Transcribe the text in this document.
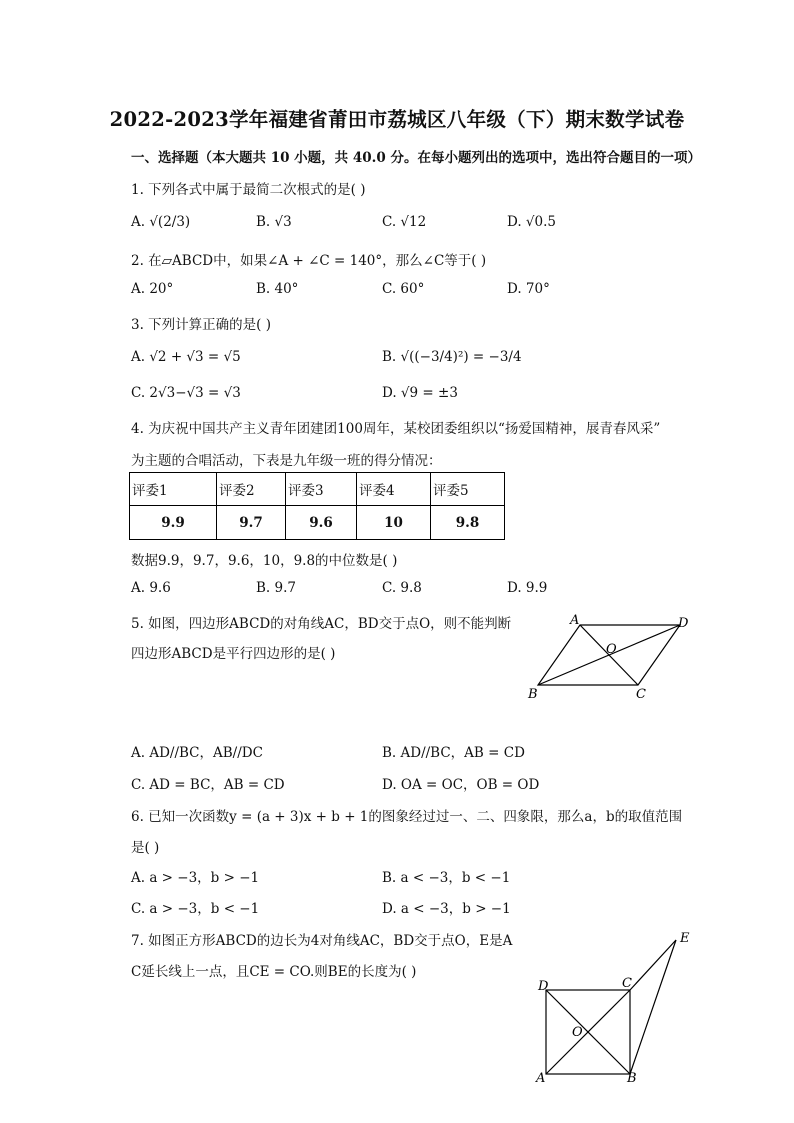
2022-2023学年福建省莆田市荔城区八年级（下）期末数学试卷
一、选择题（本大题共 10 小题，共 40.0 分。在每小题列出的选项中，选出符合题目的一项）
1. 下列各式中属于最简二次根式的是( )
A. √(2/3)	B. √3	C. √12	D. √0.5
2. 在▱ABCD中，如果∠A + ∠C = 140°，那么∠C等于( )
A. 20°	B. 40°	C. 60°	D. 70°
3. 下列计算正确的是( )
A. √2 + √3 = √5	B. √((−3/4)²) = −3/4
C. 2√3−√3 = √3	D. √9 = ±3
4. 为庆祝中国共产主义青年团建团100周年，某校团委组织以“扬爱国精神，展青春风采”
为主题的合唱活动，下表是九年级一班的得分情况：
评委1	评委2	评委3	评委4	评委5
9.9	9.7	9.6	10	9.8
数据9.9，9.7，9.6，10，9.8的中位数是( )
A. 9.6	B. 9.7	C. 9.8	D. 9.9
5. 如图，四边形ABCD的对角线AC，BD交于点O，则不能判断
四边形ABCD是平行四边形的是( )
A	D
B	C
O
A. AD//BC，AB//DC	B. AD//BC，AB = CD
C. AD = BC，AB = CD	D. OA = OC，OB = OD
6. 已知一次函数y = (a + 3)x + b + 1的图象经过过一、二、四象限，那么a，b的取值范围
是( )
A. a > −3，b > −1	B. a < −3，b < −1
C. a > −3，b < −1	D. a < −3，b > −1
7. 如图正方形ABCD的边长为4对角线AC，BD交于点O，E是A
C延长线上一点，且CE = CO.则BE的长度为( )
E
D	C
O
A	B
